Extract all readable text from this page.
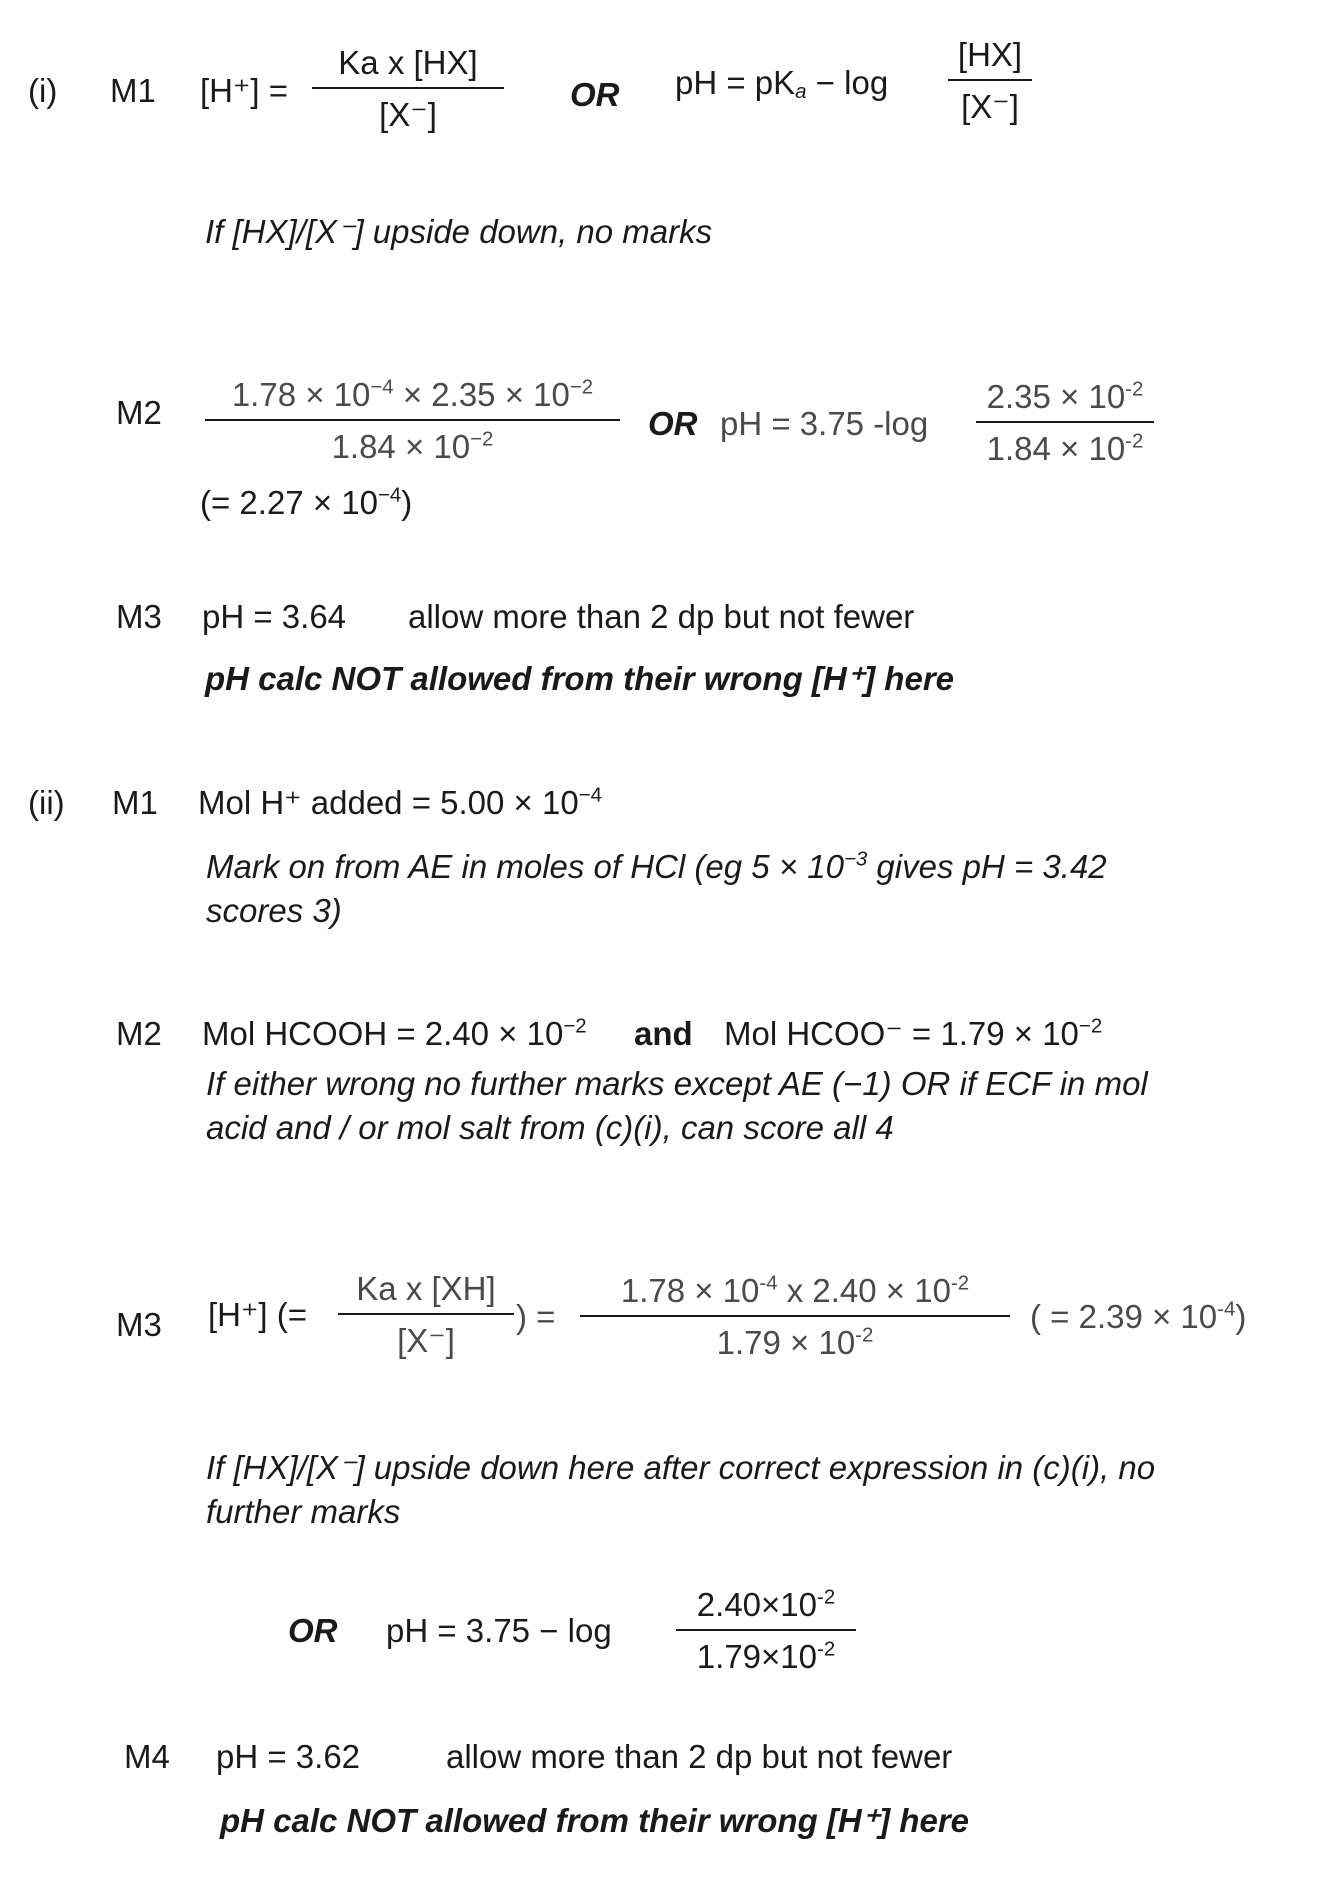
(i) M1 [H⁺] =
Ka x [HX]
[X⁻]
OR pH = $pK_a - \log$
[HX]
[X⁻]
If [HX]/[X⁻] upside down, no marks
M2 $1.78 \times 10^{-4} \times 2.35 \times 10^{-2}$
$1.84 \times 10^{-2}$	OR pH = 3.75 -log
$2.35 \times 10^{-2}$
$1.84 \times 10^{-2}$
(= $2.27 \times 10^{-4}$)
M3 pH = 3.64 allow more than 2 dp but not fewer
pH calc NOT allowed from their wrong [H⁺] here
(ii) M1 Mol H⁺ added = $5.00 \times 10^{-4}$
Mark on from AE in moles of HCl (eg $5 \times 10^{-3}$ gives pH = 3.42
scores 3)
M2 Mol HCOOH = $2.40 \times 10^{-2}$ and Mol HCOO⁻ = $1.79 \times 10^{-2}$
If either wrong no further marks except AE (−1) OR if ECF in mol acid and / or mol salt from (c)(i), can score all 4
M3 [H⁺] (=
Ka x [XH]
[X⁻]
) =
$1.78 \times 10^{-4}$ x $2.40 \times 10^{-2}$
$1.79 \times 10^{-2}$	( = $2.39 \times 10^{-4}$)
If [HX]/[X⁻] upside down here after correct expression in (c)(i), no further marks
OR pH = 3.75 − log
$2.40\times 10^{-2}$
$1.79\times 10^{-2}$
M4 pH = 3.62	allow more than 2 dp but not fewer
pH calc NOT allowed from their wrong [H⁺] here
